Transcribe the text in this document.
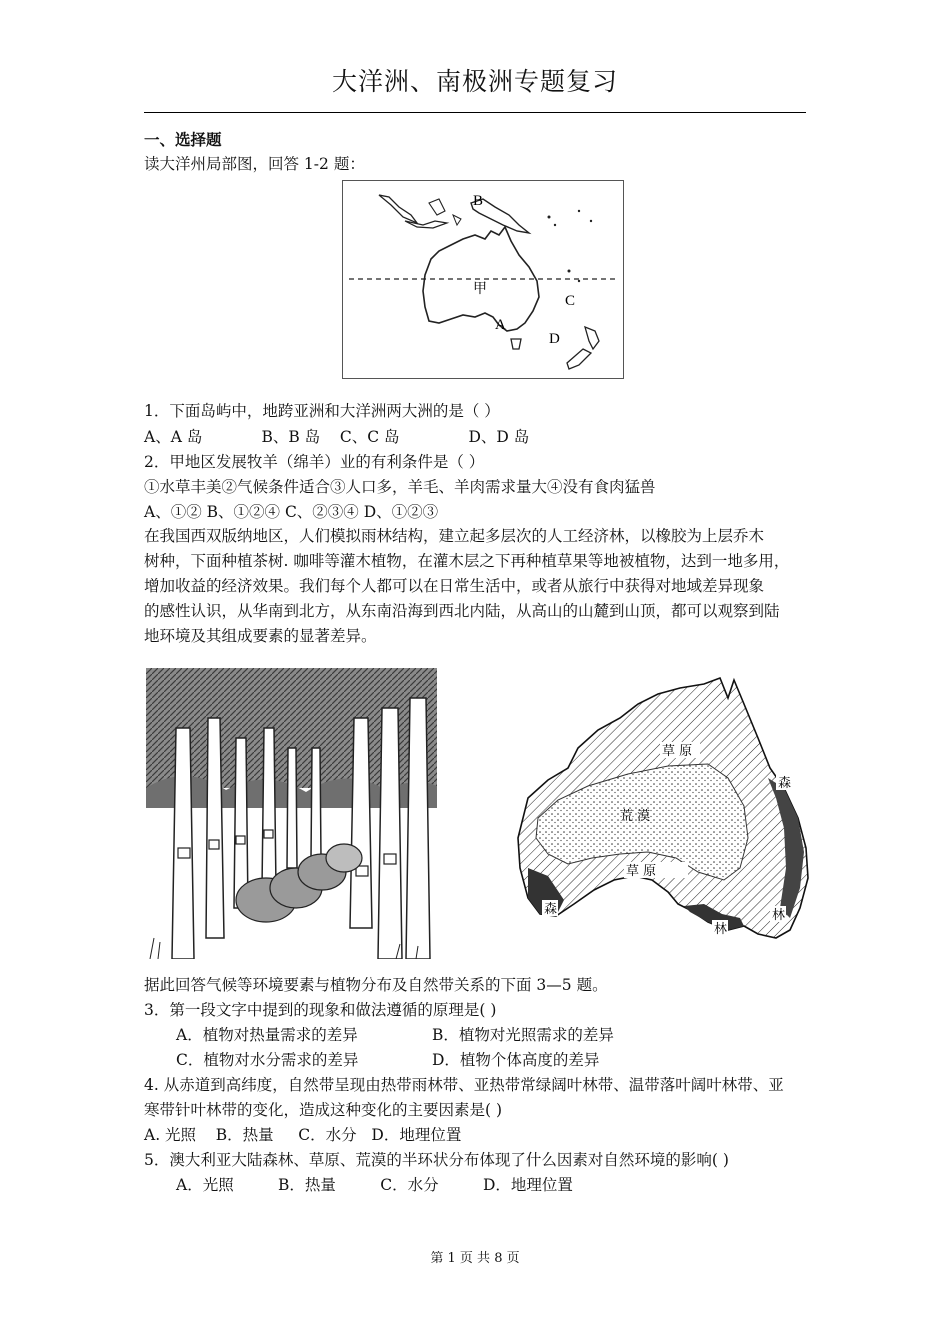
大洋洲、南极洲专题复习
一、选择题
读大洋州局部图，回答 1-2 题：
B
甲
C
A
D
1．下面岛屿中，地跨亚洲和大洋洲两大洲的是（ ）
A、A 岛            B、B 岛    C、C 岛              D、D 岛
2．甲地区发展牧羊（绵羊）业的有利条件是（ ）
①水草丰美②气候条件适合③人口多，羊毛、羊肉需求量大④没有食肉猛兽
A、①② B、①②④ C、②③④ D、①②③
在我国西双版纳地区，人们模拟雨林结构，建立起多层次的人工经济林，以橡胶为上层乔木
树种，下面种植茶树. 咖啡等灌木植物，在灌木层之下再种植草果等地被植物，达到一地多用，
增加收益的经济效果。我们每个人都可以在日常生活中，或者从旅行中获得对地域差异现象
的感性认识，从华南到北方，从东南沿海到西北内陆，从高山的山麓到山顶，都可以观察到陆
地环境及其组成要素的显著差异。
草 原
森
荒 漠
草 原
森
林
林
据此回答气候等环境要素与植物分布及自然带关系的下面 3—5 题。
3．第一段文字中提到的现象和做法遵循的原理是( )
A．植物对热量需求的差异	B．植物对光照需求的差异
C．植物对水分需求的差异	D．植物个体高度的差异
4. 从赤道到高纬度，自然带呈现由热带雨林带、亚热带常绿阔叶林带、温带落叶阔叶林带、亚
寒带针叶林带的变化，造成这种变化的主要因素是( )
A. 光照    B．热量     C．水分   D．地理位置
5．澳大利亚大陆森林、草原、荒漠的半环状分布体现了什么因素对自然环境的影响( )
A．光照         B．热量         C．水分         D．地理位置
第 1 页 共 8 页
